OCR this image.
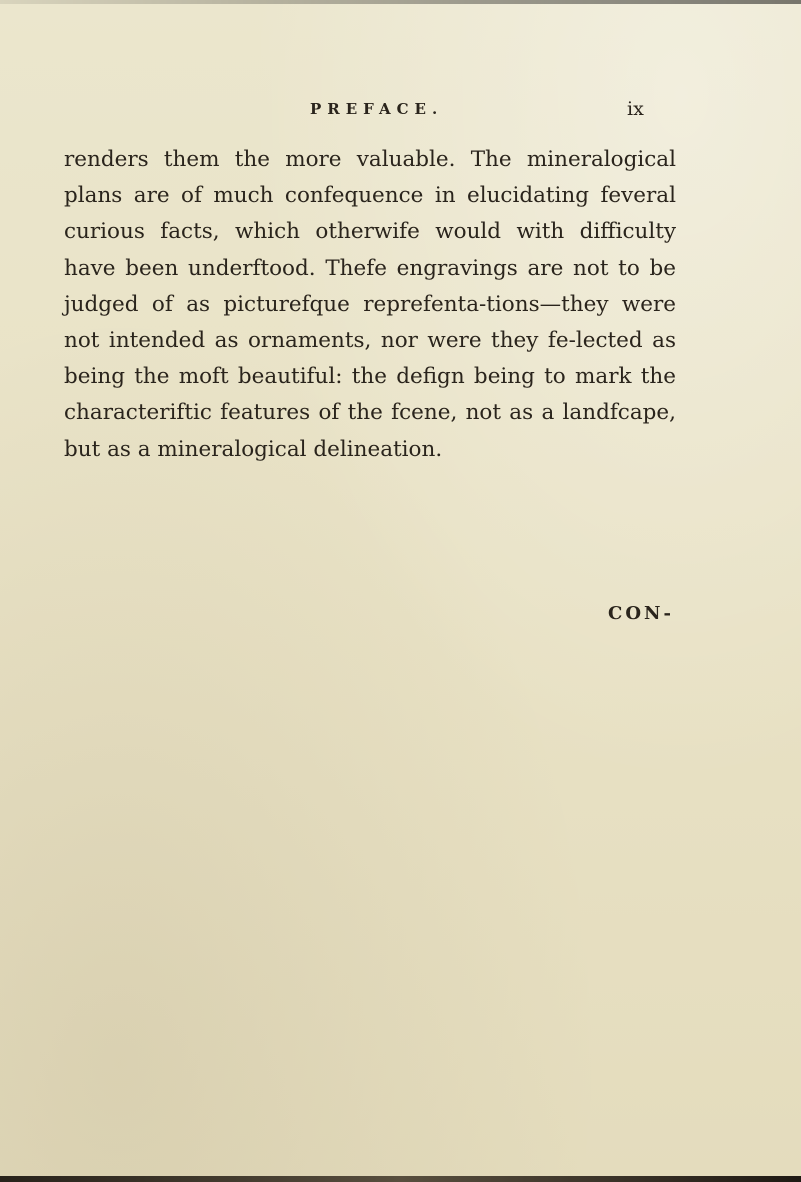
PREFACE.	ix

renders them the more valuable. The mineralogical plans are of much confequence in elucidating feveral curious facts, which otherwife would with difficulty have been underftood. Thefe engravings are not to be judged of as picturefque reprefenta-tions—they were not intended as ornaments, nor were they fe-lected as being the moft beautiful: the defign being to mark the characteriftic features of the fcene, not as a landfcape, but as a mineralogical delineation.

CON-
